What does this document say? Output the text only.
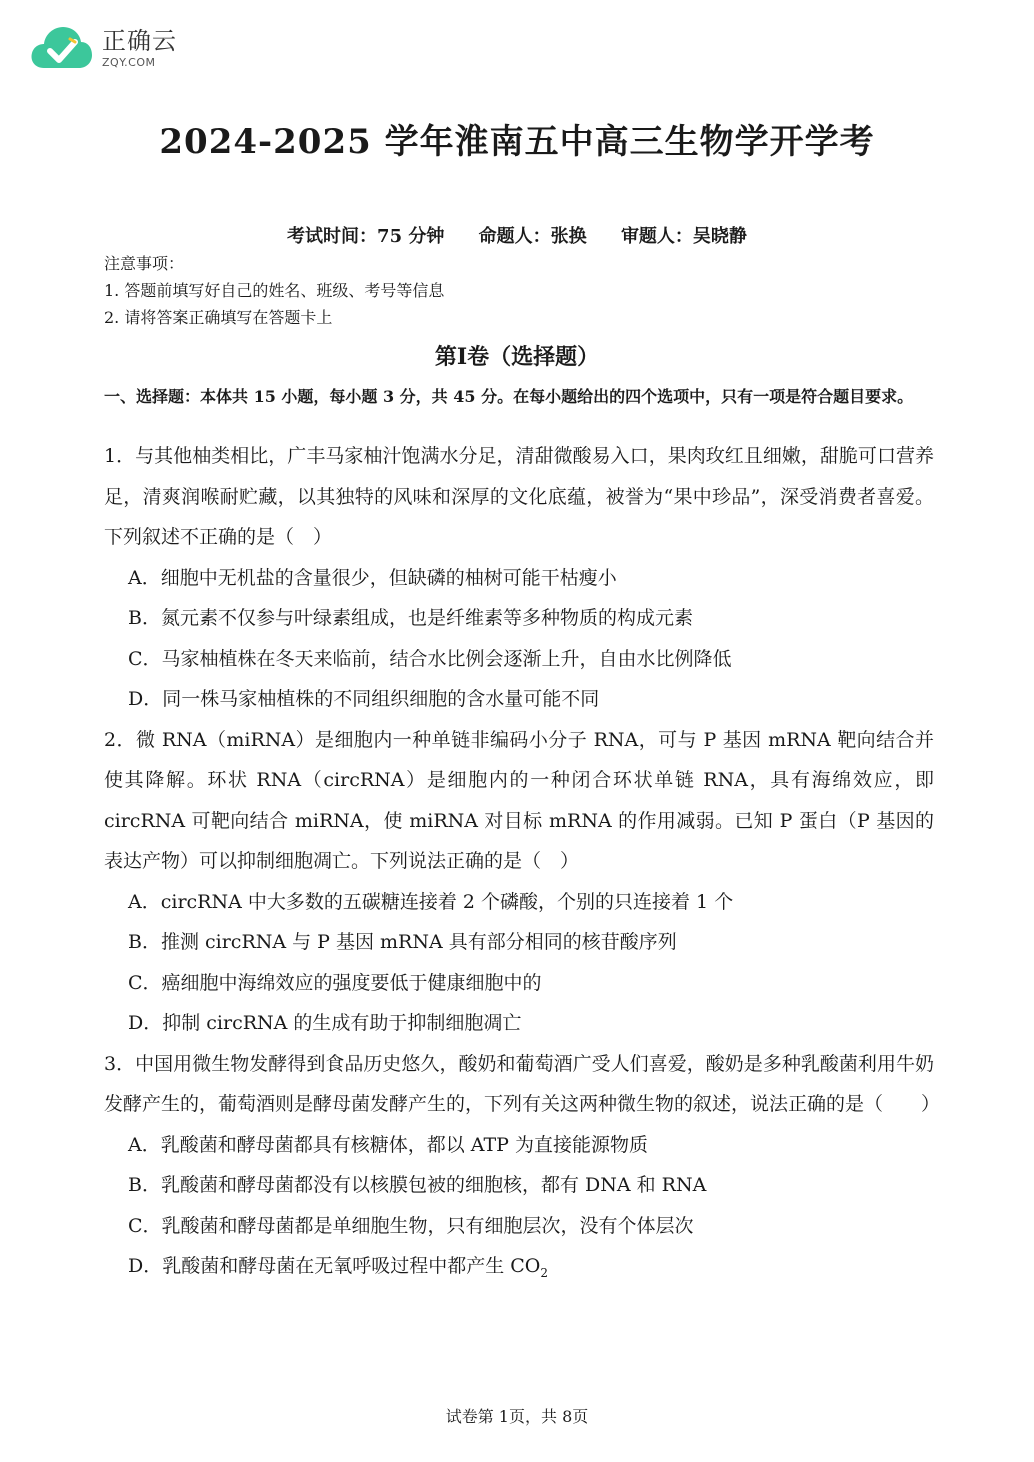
正确云
ZQY.COM
2024-2025 学年淮南五中高三生物学开学考
考试时间：75 分钟 命题人：张换 审题人：吴晓静
注意事项：
1. 答题前填写好自己的姓名、班级、考号等信息
2. 请将答案正确填写在答题卡上
第Ⅰ卷（选择题）
一、选择题：本体共 15 小题，每小题 3 分，共 45 分。在每小题给出的四个选项中，只有一项是符合题目要求。
1．与其他柚类相比，广丰马家柚汁饱满水分足，清甜微酸易入口，果肉玫红且细嫩，甜脆可口营养足，清爽润喉耐贮藏，以其独特的风味和深厚的文化底蕴，被誉为“果中珍品”，深受消费者喜爱。下列叙述不正确的是（　）
A．细胞中无机盐的含量很少，但缺磷的柚树可能干枯瘦小
B．氮元素不仅参与叶绿素组成，也是纤维素等多种物质的构成元素
C．马家柚植株在冬天来临前，结合水比例会逐渐上升，自由水比例降低
D．同一株马家柚植株的不同组织细胞的含水量可能不同
2．微 RNA（miRNA）是细胞内一种单链非编码小分子 RNA，可与 P 基因 mRNA 靶向结合并使其降解。环状 RNA（circRNA）是细胞内的一种闭合环状单链 RNA，具有海绵效应，即 circRNA 可靶向结合 miRNA，使 miRNA 对目标 mRNA 的作用减弱。已知 P 蛋白（P 基因的表达产物）可以抑制细胞凋亡。下列说法正确的是（　）
A．circRNA 中大多数的五碳糖连接着 2 个磷酸，个别的只连接着 1 个
B．推测 circRNA 与 P 基因 mRNA 具有部分相同的核苷酸序列
C．癌细胞中海绵效应的强度要低于健康细胞中的
D．抑制 circRNA 的生成有助于抑制细胞凋亡
3．中国用微生物发酵得到食品历史悠久，酸奶和葡萄酒广受人们喜爱，酸奶是多种乳酸菌利用牛奶发酵产生的，葡萄酒则是酵母菌发酵产生的，下列有关这两种微生物的叙述，说法正确的是（　　）
A．乳酸菌和酵母菌都具有核糖体，都以 ATP 为直接能源物质
B．乳酸菌和酵母菌都没有以核膜包被的细胞核，都有 DNA 和 RNA
C．乳酸菌和酵母菌都是单细胞生物，只有细胞层次，没有个体层次
D．乳酸菌和酵母菌在无氧呼吸过程中都产生 $CO_2$
试卷第 1页，共 8页
